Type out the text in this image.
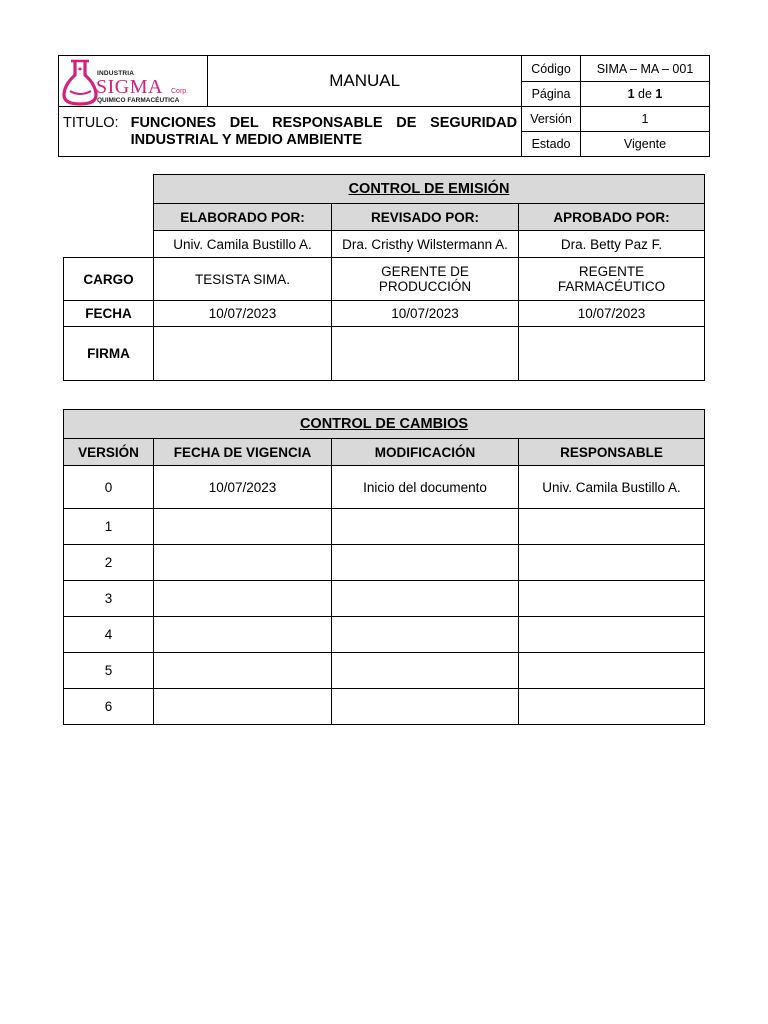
INDUSTRIA
SIGMA Corp.
QUIMICO FARMACÉUTICA	MANUAL	Código	SIMA – MA – 001
		Página	1 de 1

TITULO: FUNCIONES DEL RESPONSABLE DE SEGURIDAD INDUSTRIAL Y MEDIO AMBIENTE		Versión	1
		Estado	Vigente
	CONTROL DE EMISIÓN		
	ELABORADO POR:	REVISADO POR:	APROBADO POR:
	Univ. Camila Bustillo A.	Dra. Cristhy Wilstermann A.	Dra. Betty Paz F.
CARGO	TESISTA SIMA.	GERENTE DE PRODUCCIÓN	REGENTE FARMACÉUTICO
FECHA	10/07/2023	10/07/2023	10/07/2023
FIRMA			
CONTROL DE CAMBIOS			
VERSIÓN	FECHA DE VIGENCIA	MODIFICACIÓN	RESPONSABLE
0	10/07/2023	Inicio del documento	Univ. Camila Bustillo A.
1			
2			
3			
4			
5			
6			
